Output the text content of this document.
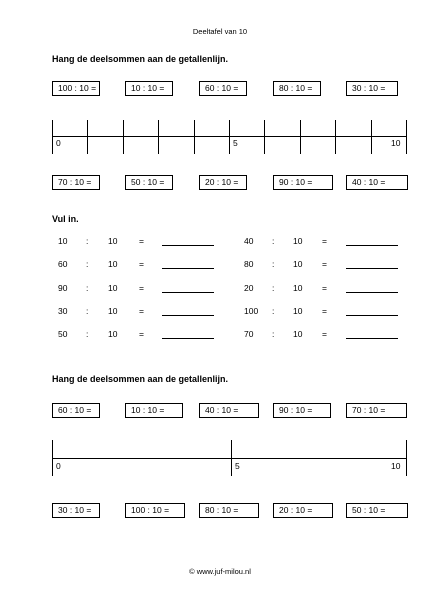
Deeltafel van 10
Hang de deelsommen aan de getallenlijn.
100 : 10 =	10 : 10 =	60 : 10 =	80 : 10 =	30 : 10 =
0	5	10
70 : 10 =	50 : 10 =	20 : 10 =	90 : 10 =	40 : 10 =
Vul in.
10 : 10	=	40 : 10 =
60 : 10	=	80 : 10 =
90 : 10	=	20 : 10 =
30 : 10	=	100 : 10 =
50 : 10	=	70 : 10 =
Hang de deelsommen aan de getallenlijn.
60 : 10 =	10 : 10 =	40 : 10 =	90 : 10 =	70 : 10 =
0	5	10
30 : 10 =	100 : 10 =	80 : 10 =	20 : 10 =	50 : 10 =
© www.juf-milou.nl
